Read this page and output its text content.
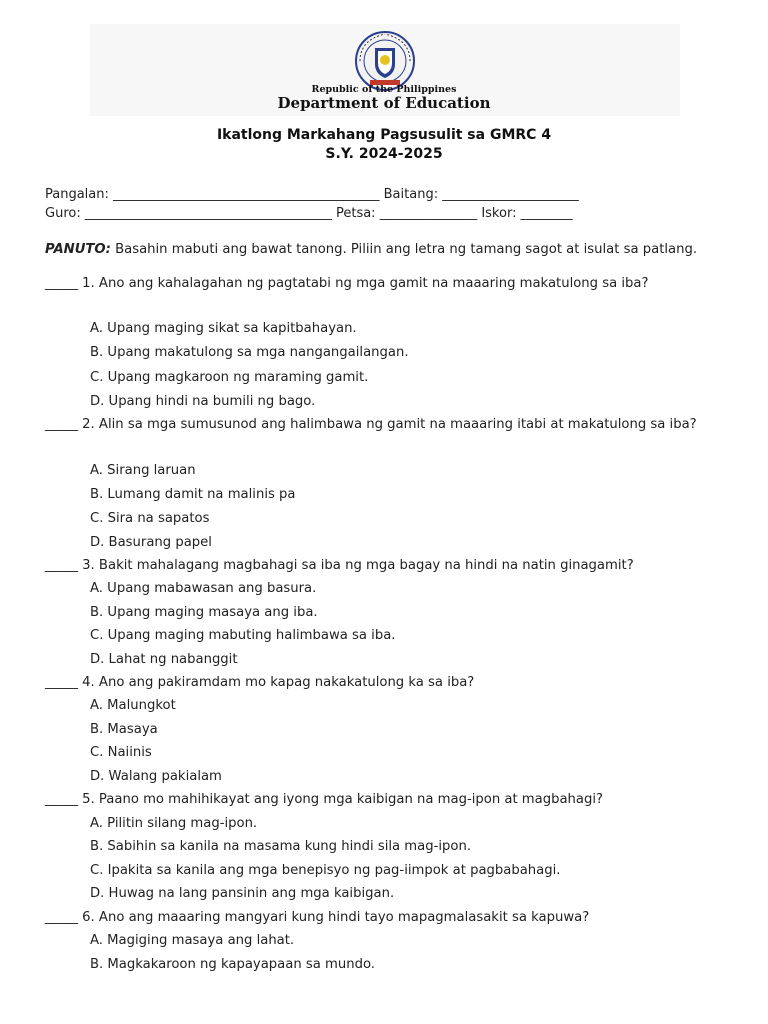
Republic of the Philippines
Department of Education
Ikatlong Markahang Pagsusulit sa GMRC 4
S.Y. 2024-2025
Pangalan: _________________________________________ Baitang: _____________________
Guro: ______________________________________ Petsa: _______________ Iskor: ________
PANUTO: Basahin mabuti ang bawat tanong. Piliin ang letra ng tamang sagot at isulat sa patlang.
_____ 1. Ano ang kahalagahan ng pagtatabi ng mga gamit na maaaring makatulong sa iba?
A. Upang maging sikat sa kapitbahayan.
B. Upang makatulong sa mga nangangailangan.
C. Upang magkaroon ng maraming gamit.
D. Upang hindi na bumili ng bago.
_____ 2. Alin sa mga sumusunod ang halimbawa ng gamit na maaaring itabi at makatulong sa iba?
A. Sirang laruan
B. Lumang damit na malinis pa
C. Sira na sapatos
D. Basurang papel
_____ 3. Bakit mahalagang magbahagi sa iba ng mga bagay na hindi na natin ginagamit?
A. Upang mabawasan ang basura.
B. Upang maging masaya ang iba.
C. Upang maging mabuting halimbawa sa iba.
D. Lahat ng nabanggit
_____ 4. Ano ang pakiramdam mo kapag nakakatulong ka sa iba?
A. Malungkot
B. Masaya
C. Naiinis
D. Walang pakialam
_____ 5. Paano mo mahihikayat ang iyong mga kaibigan na mag-ipon at magbahagi?
A. Pilitin silang mag-ipon.
B. Sabihin sa kanila na masama kung hindi sila mag-ipon.
C. Ipakita sa kanila ang mga benepisyo ng pag-iimpok at pagbabahagi.
D. Huwag na lang pansinin ang mga kaibigan.
_____ 6. Ano ang maaaring mangyari kung hindi tayo mapagmalasakit sa kapuwa?
A. Magiging masaya ang lahat.
B. Magkakaroon ng kapayapaan sa mundo.
